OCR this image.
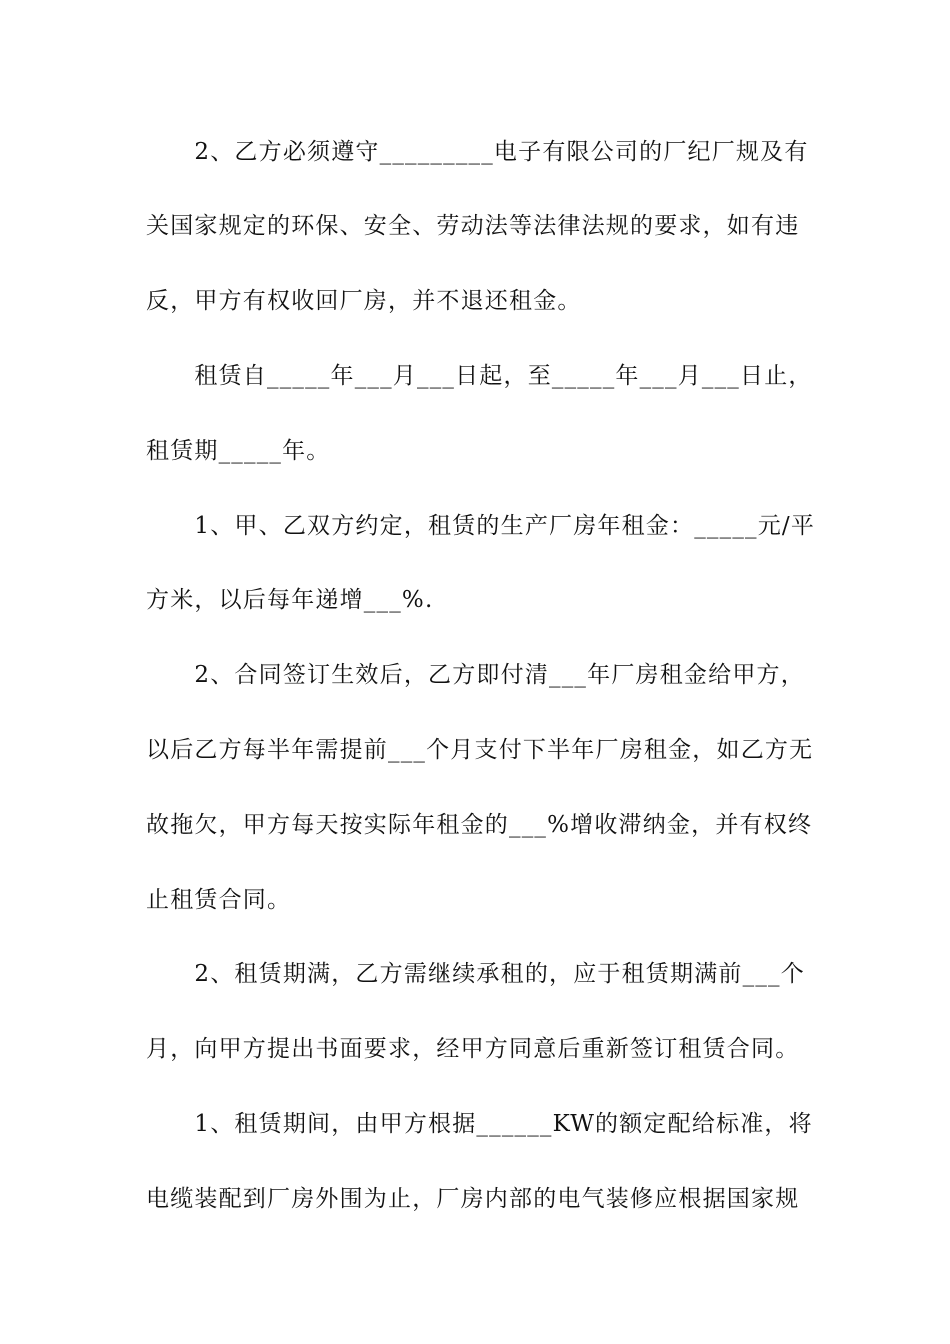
　　2、乙方必须遵守_________电子有限公司的厂纪厂规及有
关国家规定的环保、安全、劳动法等法律法规的要求，如有违
反，甲方有权收回厂房，并不退还租金。
　　租赁自_____年___月___日起，至_____年___月___日止，
租赁期_____年。
　　1、甲、乙双方约定，租赁的生产厂房年租金：_____元/平
方米，以后每年递增___%.
　　2、合同签订生效后，乙方即付清___年厂房租金给甲方，
以后乙方每半年需提前___个月支付下半年厂房租金，如乙方无
故拖欠，甲方每天按实际年租金的___%增收滞纳金，并有权终
止租赁合同。
　　2、租赁期满，乙方需继续承租的，应于租赁期满前___个
月，向甲方提出书面要求，经甲方同意后重新签订租赁合同。
　　1、租赁期间，由甲方根据______KW的额定配给标准，将
电缆装配到厂房外围为止，厂房内部的电气装修应根据国家规
